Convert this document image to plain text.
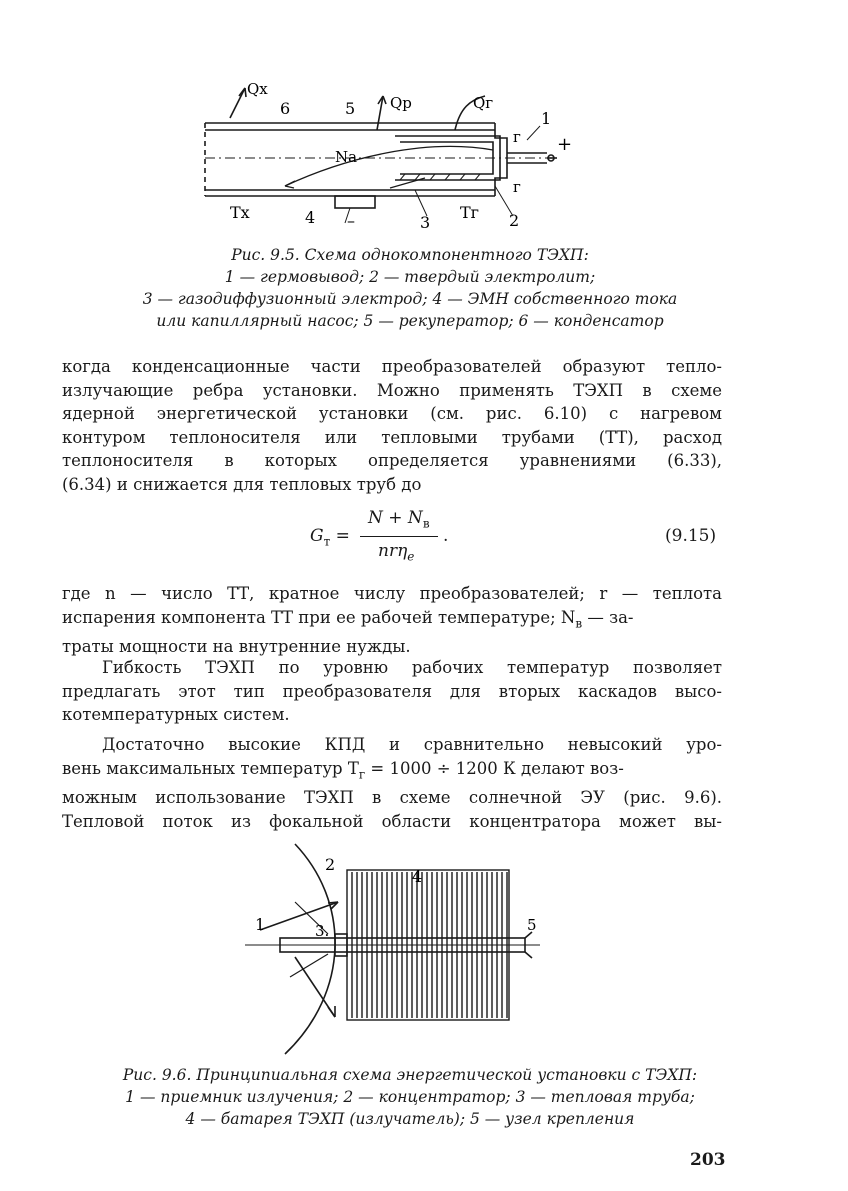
Qx
6	5 Qp	Qг
1
г +
Na
г
Tx	4 –	3
Tг 2
Рис. 9.5. Схема однокомпонентного ТЭХП:
1 — гермовывод; 2 — твердый электролит;
3 — газодиффузионный электрод; 4 — ЭМН собственного тока
или капиллярный насос; 5 — рекуператор; 6 — конденсатор
когда конденсационные части преобразователей образуют тепло-
излучающие ребра установки. Можно применять ТЭХП в схеме
ядерной энергетической установки (см. рис. 6.10) с нагревом
контуром теплоносителя или тепловыми трубами (ТТ), расход
теплоносителя в которых определяется уравнениями (6.33),
(6.34) и снижается для тепловых труб до
$G_т$ =
$N + N_в$
nrη$_e$
.	(9.15)
где n — число ТТ, кратное числу преобразователей; r — теплота
испарения компонента ТТ при ее рабочей температуре; $N_в$ — за-
траты мощности на внутренние нужды.
Гибкость ТЭХП по уровню рабочих температур позволяет
предлагать этот тип преобразователя для вторых каскадов высо-
котемпературных систем.
Достаточно высокие КПД и сравнительно невысокий уро-
вень максимальных температур $T_г = 1000 \div 1200$ К делают воз-
можным использование ТЭХП в схеме солнечной ЭУ (рис. 9.6).
Тепловой поток из фокальной области концентратора может вы-
1
2
3.
4
5
Рис. 9.6. Принципиальная схема энергетической установки с ТЭХП:
1 — приемник излучения; 2 — концентратор; 3 — тепловая труба;
4 — батарея ТЭХП (излучатель); 5 — узел крепления
203
